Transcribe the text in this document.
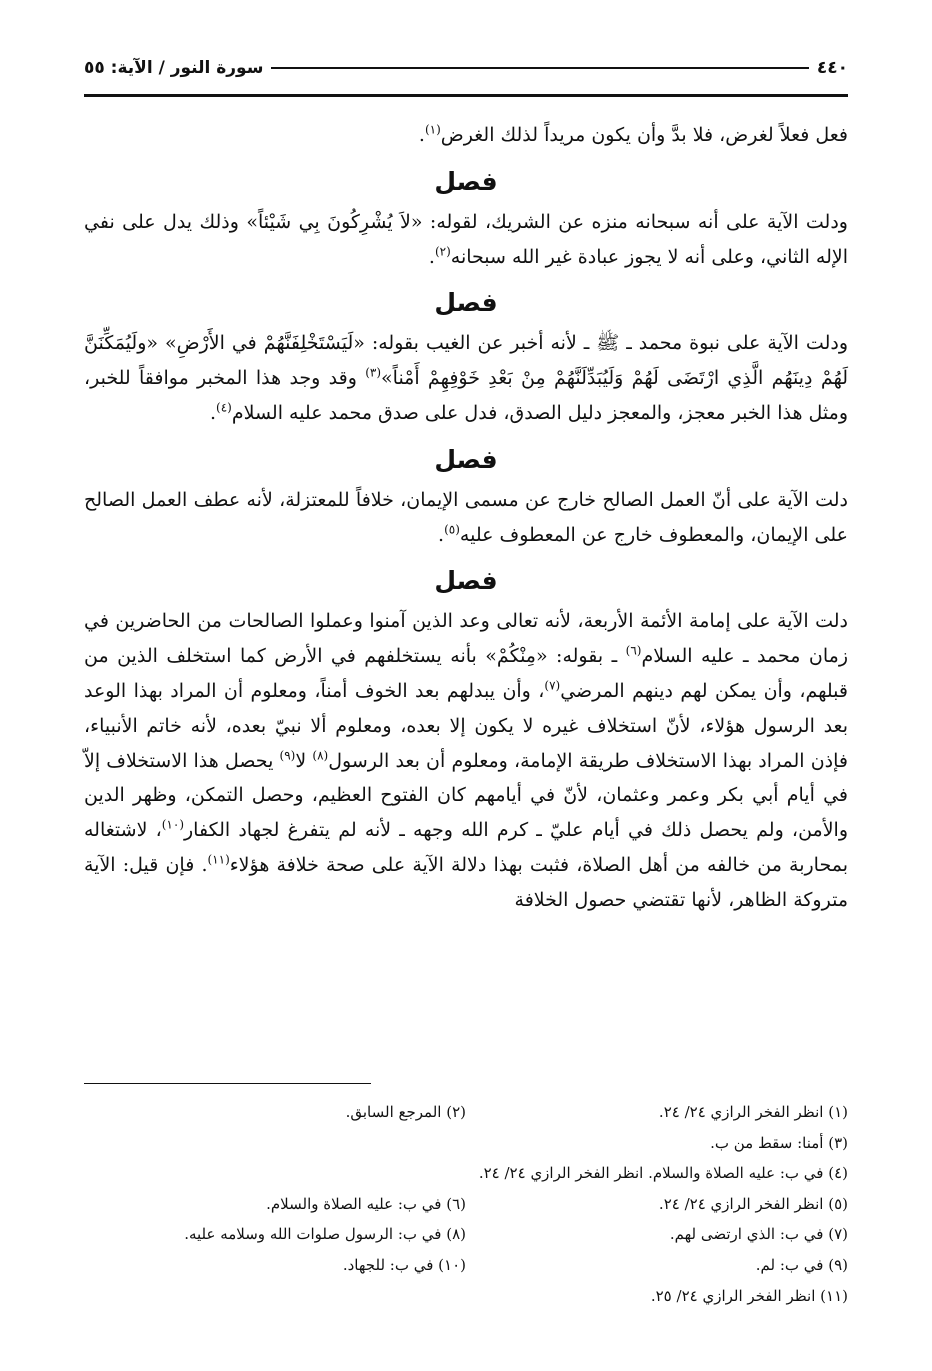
٤٤٠
سورة النور / الآية: ٥٥

فعل فعلاً لغرض، فلا بدَّ وأن يكون مريداً لذلك الغرض$^{(١)}$.

فصل

ودلت الآية على أنه سبحانه منزه عن الشريك، لقوله: «لاَ يُشْرِكُونَ بِي شَيْئاً» وذلك يدل على نفي الإله الثاني، وعلى أنه لا يجوز عبادة غير الله سبحانه$^{(٢)}$.

فصل

ودلت الآية على نبوة محمد ـ ﷺ ـ لأنه أخبر عن الغيب بقوله: «لَيَسْتَخْلِفَنَّهُمْ في الأَرْضِ» «ولَيُمَكِّنَنَّ لَهُمْ دِينَهُم الَّذِي ارْتَضَى لَهُمْ وَلَيُبَدِّلَنَّهُمْ مِنْ بَعْدِ خَوْفِهِمْ أَمْناً»$^{(٣)}$ وقد وجد هذا المخبر موافقاً للخبر، ومثل هذا الخبر معجز، والمعجز دليل الصدق، فدل على صدق محمد عليه السلام$^{(٤)}$.

فصل

دلت الآية على أنّ العمل الصالح خارج عن مسمى الإيمان، خلافاً للمعتزلة، لأنه عطف العمل الصالح على الإيمان، والمعطوف خارج عن المعطوف عليه$^{(٥)}$.

فصل

دلت الآية على إمامة الأئمة الأربعة، لأنه تعالى وعد الذين آمنوا وعملوا الصالحات من الحاضرين في زمان محمد ـ عليه السلام$^{(٦)}$ ـ بقوله: «مِنْكُمْ» بأنه يستخلفهم في الأرض كما استخلف الذين من قبلهم، وأن يمكن لهم دينهم المرضي$^{(٧)}$، وأن يبدلهم بعد الخوف أمناً، ومعلوم أن المراد بهذا الوعد بعد الرسول هؤلاء، لأنّ استخلاف غيره لا يكون إلا بعده، ومعلوم ألا نبيّ بعده، لأنه خاتم الأنبياء، فإذن المراد بهذا الاستخلاف طريقة الإمامة، ومعلوم أن بعد الرسول$^{(٨)}$ لا$^{(٩)}$ يحصل هذا الاستخلاف إلاّ في أيام أبي بكر وعمر وعثمان، لأنّ في أيامهم كان الفتوح العظيم، وحصل التمكن، وظهر الدين والأمن، ولم يحصل ذلك في أيام عليّ ـ كرم الله وجهه ـ لأنه لم يتفرغ لجهاد الكفار$^{(١٠)}$، لاشتغاله بمحاربة من خالفه من أهل الصلاة، فثبت بهذا دلالة الآية على صحة خلافة هؤلاء$^{(١١)}$. فإن قيل: الآية متروكة الظاهر، لأنها تقتضي حصول الخلافة

(١) انظر الفخر الرازي ٢٤/ ٢٤.
(٢) المرجع السابق.
(٣) أمنا: سقط من ب.
(٤) في ب: عليه الصلاة والسلام. انظر الفخر الرازي ٢٤/ ٢٤.
(٥) انظر الفخر الرازي ٢٤/ ٢٤.
(٦) في ب: عليه الصلاة والسلام.
(٧) في ب: الذي ارتضى لهم.
(٨) في ب: الرسول صلوات الله وسلامه عليه.
(٩) في ب: لم.
(١٠) في ب: للجهاد.
(١١) انظر الفخر الرازي ٢٤/ ٢٥.
